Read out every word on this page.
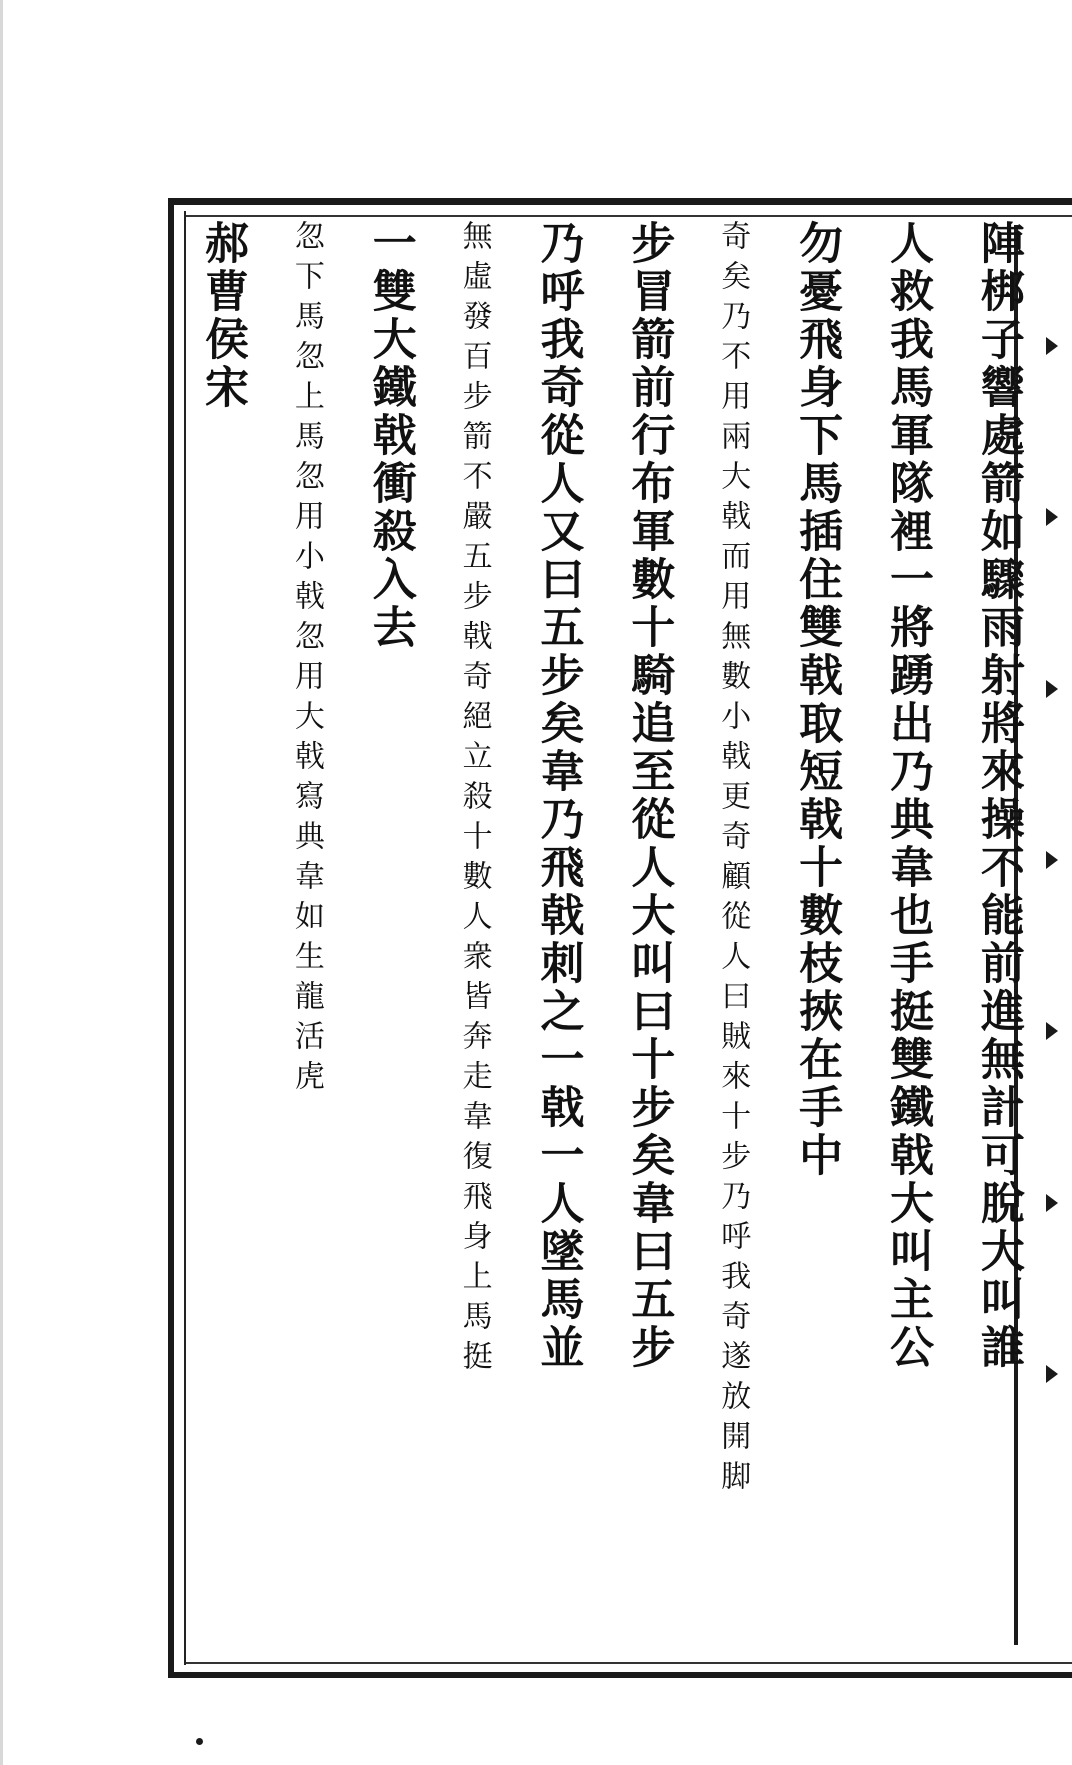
陣梆子響處箭如驟雨射將來操不能前進無計可脫大叫誰
人救我馬軍隊裡一將踴出乃典韋也手挺雙鐵戟大叫主公
勿憂飛身下馬插住雙戟取短戟十數枝挾在手中
奇矣乃不用兩大戟而用無數小戟更奇顧從人曰賊來十步乃呼我奇遂放開脚
步冒箭前行布軍數十騎追至從人大叫曰十步矣韋曰五步
乃呼我奇從人又曰五步矣韋乃飛戟刺之一戟一人墜馬並
無虛發百步箭不嚴五步戟奇絕立殺十數人衆皆奔走韋復飛身上馬挺
一雙大鐵戟衝殺入去
忽下馬忽上馬忽用小戟忽用大戟寫典韋如生龍活虎
郝曹侯宋
